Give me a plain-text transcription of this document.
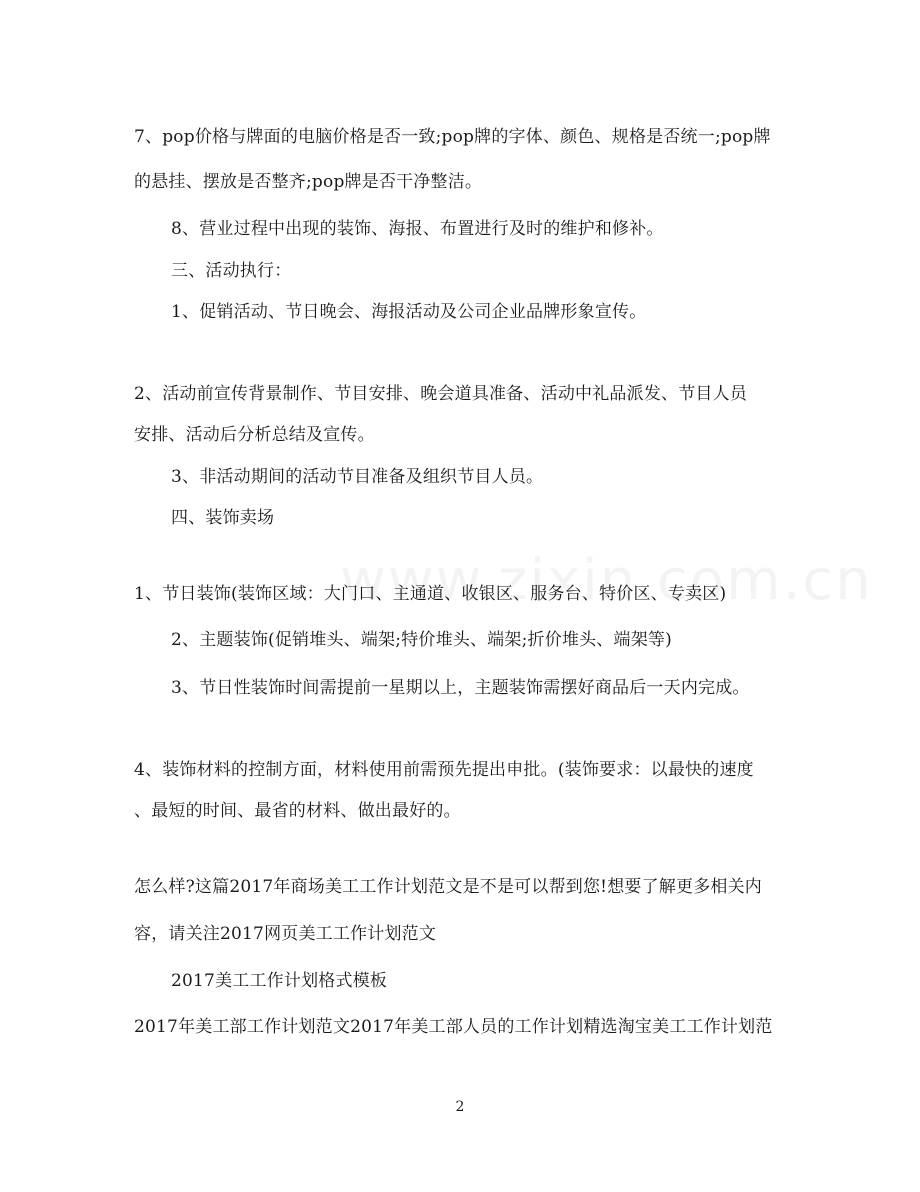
7、pop价格与牌面的电脑价格是否一致;pop牌的字体、颜色、规格是否统一;pop牌
的悬挂、摆放是否整齐;pop牌是否干净整洁。
8、营业过程中出现的装饰、海报、布置进行及时的维护和修补。
三、活动执行：
1、促销活动、节日晚会、海报活动及公司企业品牌形象宣传。
2、活动前宣传背景制作、节目安排、晚会道具准备、活动中礼品派发、节目人员
安排、活动后分析总结及宣传。
3、非活动期间的活动节目准备及组织节目人员。
四、装饰卖场
1、节日装饰(装饰区域：大门口、主通道、收银区、服务台、特价区、专卖区)
2、主题装饰(促销堆头、端架;特价堆头、端架;折价堆头、端架等)
3、节日性装饰时间需提前一星期以上，主题装饰需摆好商品后一天内完成。
4、装饰材料的控制方面，材料使用前需预先提出申批。(装饰要求：以最快的速度
、最短的时间、最省的材料、做出最好的。
怎么样?这篇2017年商场美工工作计划范文是不是可以帮到您!想要了解更多相关内
容，请关注2017网页美工工作计划范文
2017美工工作计划格式模板
2017年美工部工作计划范文2017年美工部人员的工作计划精选淘宝美工工作计划范
2
